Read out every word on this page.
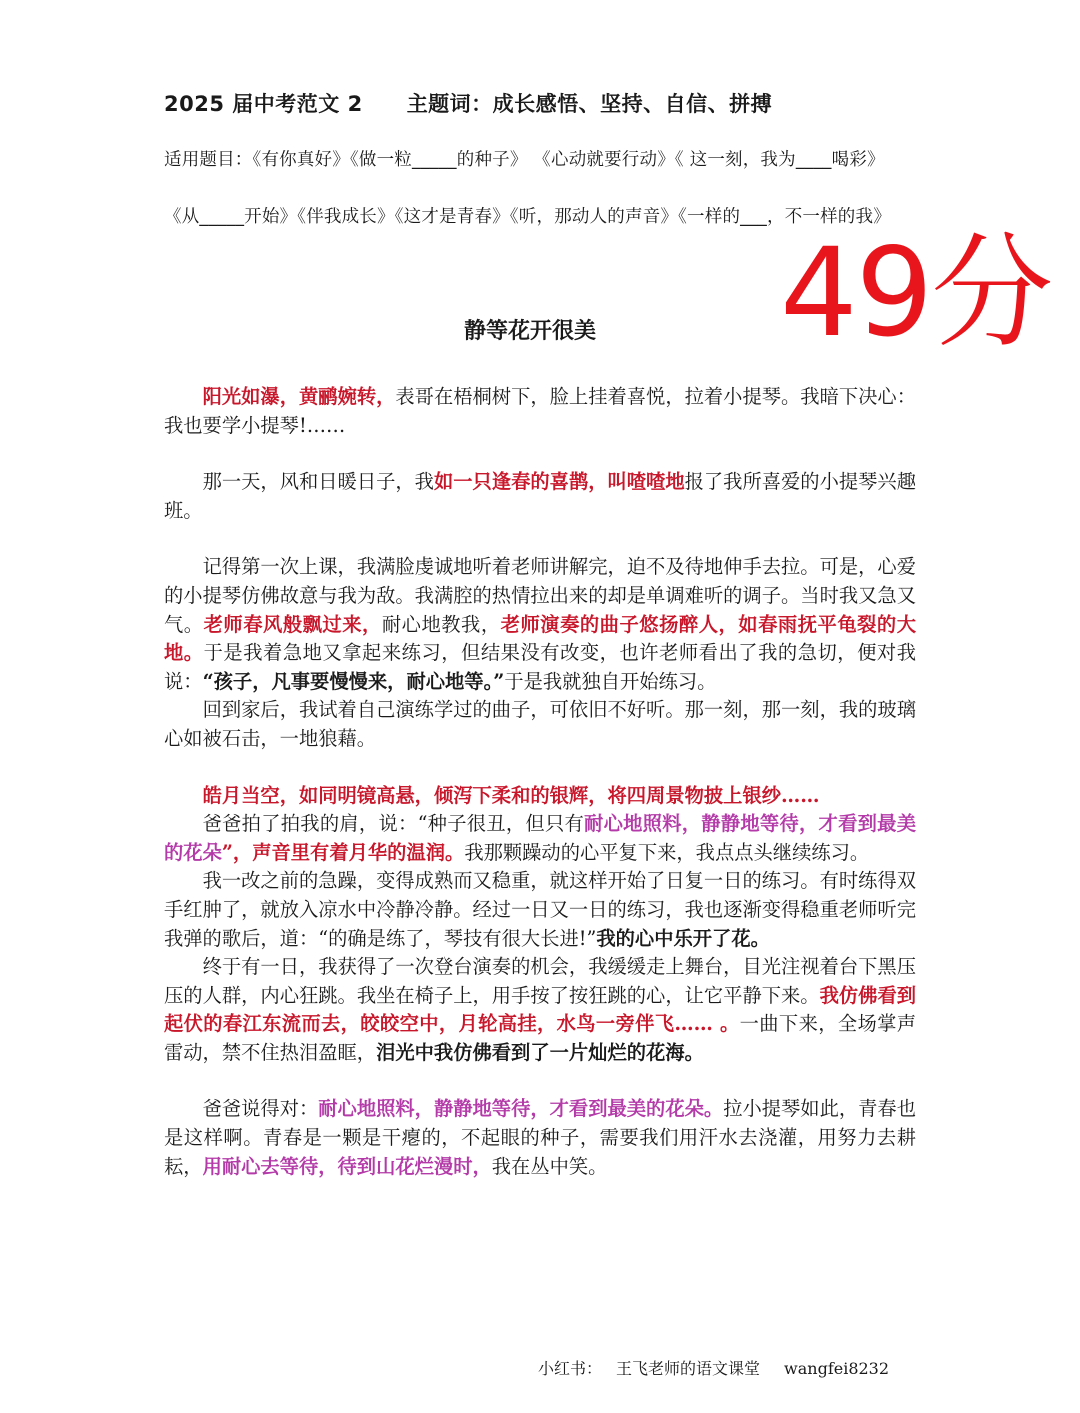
2025 届中考范文 2 主题词：成长感悟、坚持、自信、拼搏
适用题目：《有你真好》《做一粒_____的种子》 《心动就要行动》《 这一刻，我为____喝彩》
《从_____开始》《伴我成长》《这才是青春》《听，那动人的声音》《一样的___，不一样的我》
49分
静等花开很美

阳光如瀑，黄鹂婉转，表哥在梧桐树下，脸上挂着喜悦，拉着小提琴。我暗下决心：我也要学小提琴!……

那一天，风和日暖日子，我如一只逢春的喜鹊，叫喳喳地报了我所喜爱的小提琴兴趣班。

记得第一次上课，我满脸虔诚地听着老师讲解完，迫不及待地伸手去拉。可是，心爱的小提琴仿佛故意与我为敌。我满腔的热情拉出来的却是单调难听的调子。当时我又急又气。老师春风般飘过来，耐心地教我，老师演奏的曲子悠扬醉人，如春雨抚平龟裂的大地。于是我着急地又拿起来练习，但结果没有改变，也许老师看出了我的急切，便对我说：“孩子，凡事要慢慢来，耐心地等。”于是我就独自开始练习。

回到家后，我试着自己演练学过的曲子，可依旧不好听。那一刻，那一刻，我的玻璃心如被石击，一地狼藉。

皓月当空，如同明镜高悬，倾泻下柔和的银辉，将四周景物披上银纱……

爸爸拍了拍我的肩，说：“种子很丑，但只有耐心地照料，静静地等待，才看到最美的花朵”，声音里有着月华的温润。我那颗躁动的心平复下来，我点点头继续练习。

我一改之前的急躁，变得成熟而又稳重，就这样开始了日复一日的练习。有时练得双手红肿了，就放入凉水中冷静冷静。经过一日又一日的练习，我也逐渐变得稳重老师听完我弹的歌后，道：“的确是练了，琴技有很大长进!”我的心中乐开了花。

终于有一日，我获得了一次登台演奏的机会，我缓缓走上舞台，目光注视着台下黑压压的人群，内心狂跳。我坐在椅子上，用手按了按狂跳的心，让它平静下来。我仿佛看到起伏的春江东流而去，皎皎空中，月轮高挂，水鸟一旁伴飞…… 。一曲下来，全场掌声雷动，禁不住热泪盈眶，泪光中我仿佛看到了一片灿烂的花海。

爸爸说得对：耐心地照料，静静地等待，才看到最美的花朵。拉小提琴如此，青春也是这样啊。青春是一颗是干瘪的，不起眼的种子，需要我们用汗水去浇灌，用努力去耕耘，用耐心去等待，待到山花烂漫时，我在丛中笑。

小红书： 王飞老师的语文课堂 wangfei8232
